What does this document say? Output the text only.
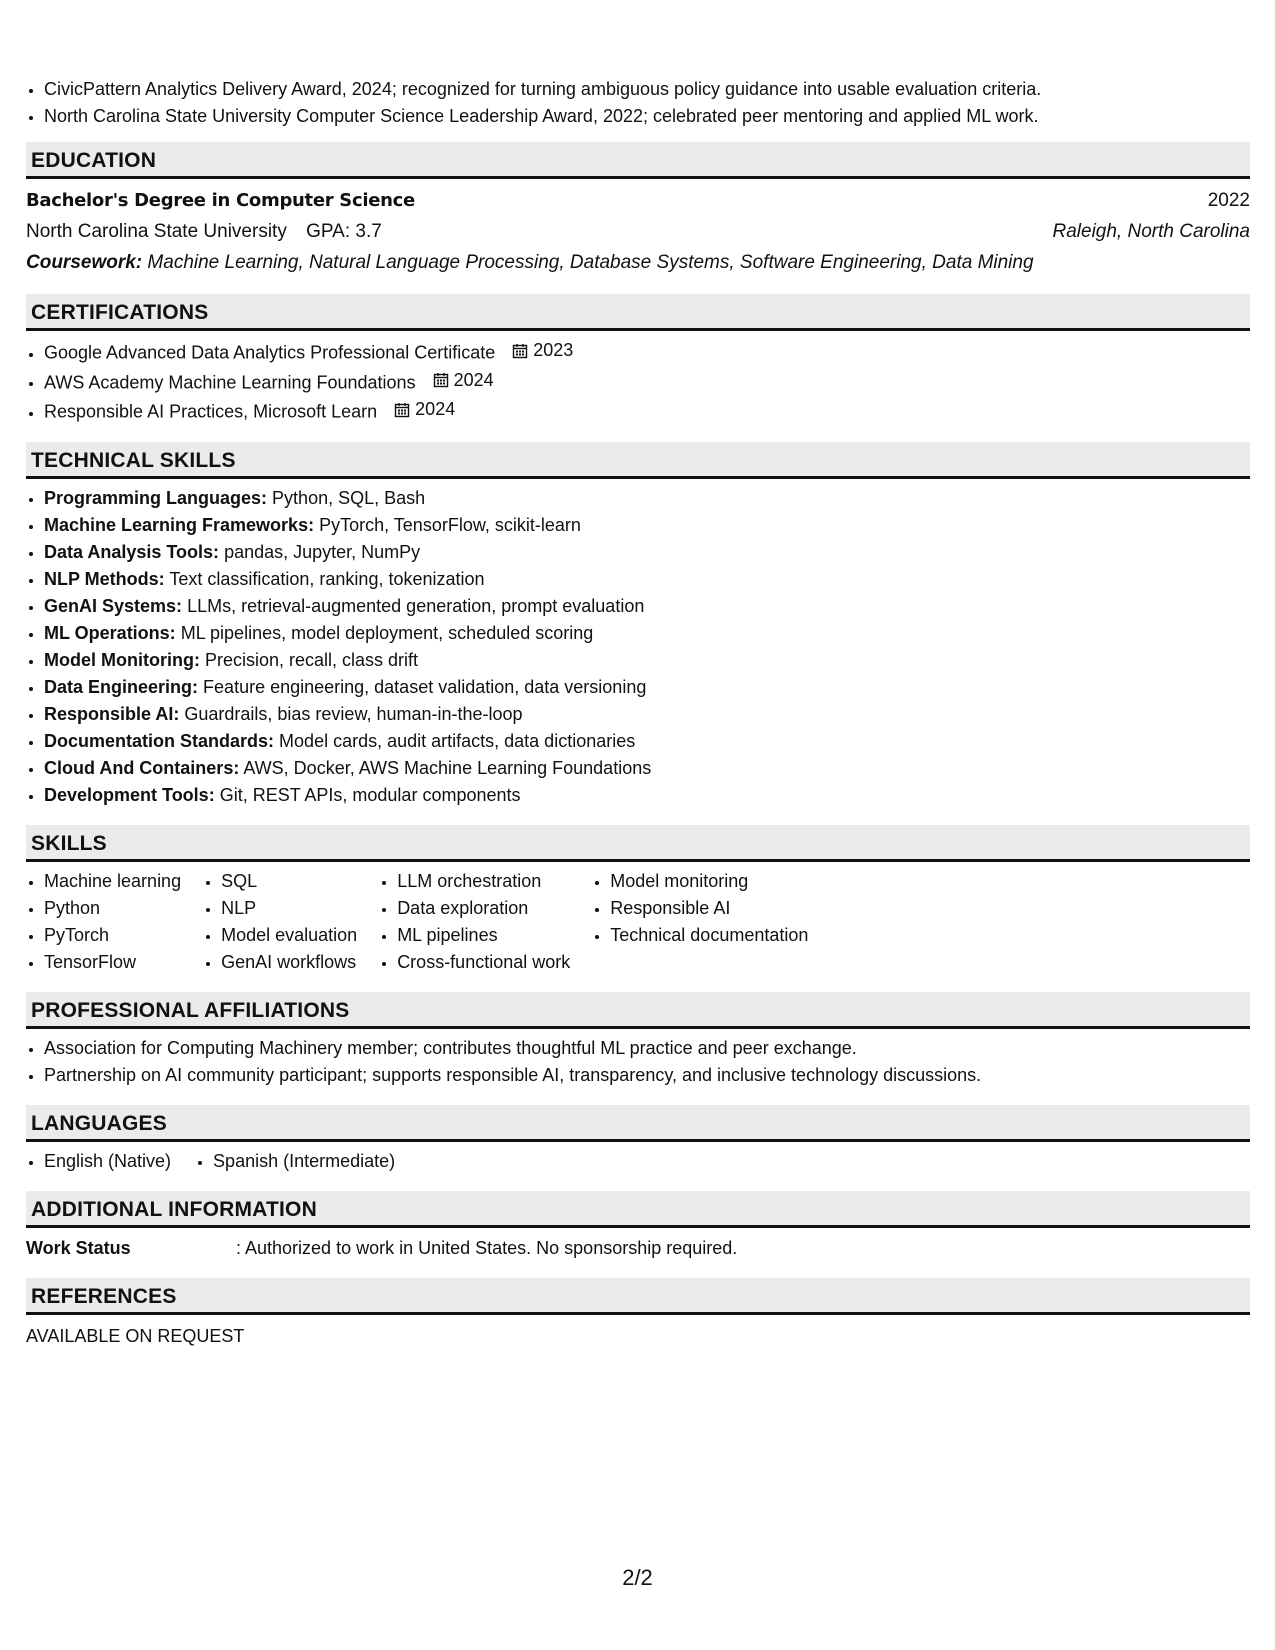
• CivicPattern Analytics Delivery Award, 2024; recognized for turning ambiguous policy guidance into usable evaluation criteria.
• North Carolina State University Computer Science Leadership Award, 2022; celebrated peer mentoring and applied ML work.
EDUCATION
Bachelor's Degree in Computer Science	2022
North Carolina State University GPA: 3.7	Raleigh, North Carolina
Coursework: Machine Learning, Natural Language Processing, Database Systems, Software Engineering, Data Mining
CERTIFICATIONS
• Google Advanced Data Analytics Professional Certificate 2023
• AWS Academy Machine Learning Foundations 2024
• Responsible AI Practices, Microsoft Learn 2024
TECHNICAL SKILLS
• Programming Languages: Python, SQL, Bash
• Machine Learning Frameworks: PyTorch, TensorFlow, scikit-learn
• Data Analysis Tools: pandas, Jupyter, NumPy
• NLP Methods: Text classification, ranking, tokenization
• GenAI Systems: LLMs, retrieval-augmented generation, prompt evaluation
• ML Operations: ML pipelines, model deployment, scheduled scoring
• Model Monitoring: Precision, recall, class drift
• Data Engineering: Feature engineering, dataset validation, data versioning
• Responsible AI: Guardrails, bias review, human-in-the-loop
• Documentation Standards: Model cards, audit artifacts, data dictionaries
• Cloud And Containers: AWS, Docker, AWS Machine Learning Foundations
• Development Tools: Git, REST APIs, modular components
SKILLS
• Machine learning
• Python
• PyTorch
• TensorFlow
• SQL
• NLP
• Model evaluation
• GenAI workflows
• LLM orchestration
• Data exploration
• ML pipelines
• Cross-functional work
• Model monitoring
• Responsible AI
• Technical documentation
PROFESSIONAL AFFILIATIONS
• Association for Computing Machinery member; contributes thoughtful ML practice and peer exchange.
• Partnership on AI community participant; supports responsible AI, transparency, and inclusive technology discussions.
LANGUAGES
• English (Native)
• Spanish (Intermediate)
ADDITIONAL INFORMATION
Work Status	: Authorized to work in United States. No sponsorship required.
REFERENCES
AVAILABLE ON REQUEST
2/2
